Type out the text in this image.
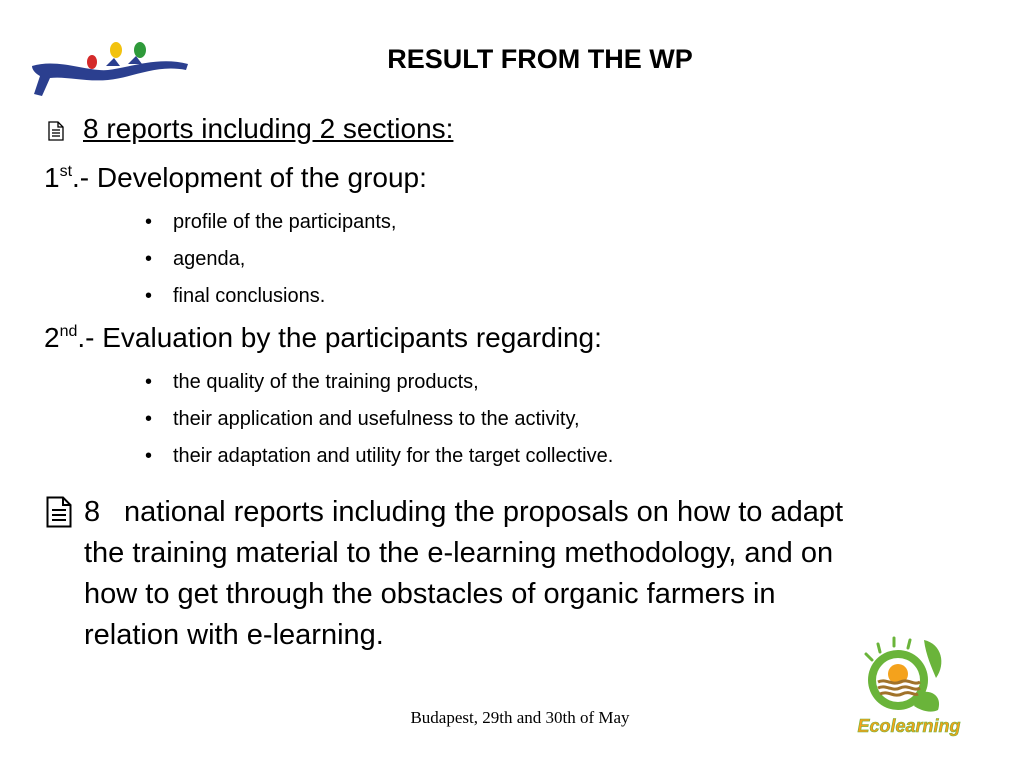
RESULT FROM THE WP
8 reports including 2 sections:
1st.- Development of the group:
• profile of the participants,
• agenda,
• final conclusions.
2nd.- Evaluation by the participants regarding:
• the quality of the training products,
• their application and usefulness to the activity,
• their adaptation and utility for the target collective.
8 national reports including the proposals on how to adapt
the training material to the e-learning methodology, and on
how to get through the obstacles of organic farmers in
relation with e-learning.
Budapest, 29th and 30th of May	Ecolearning
